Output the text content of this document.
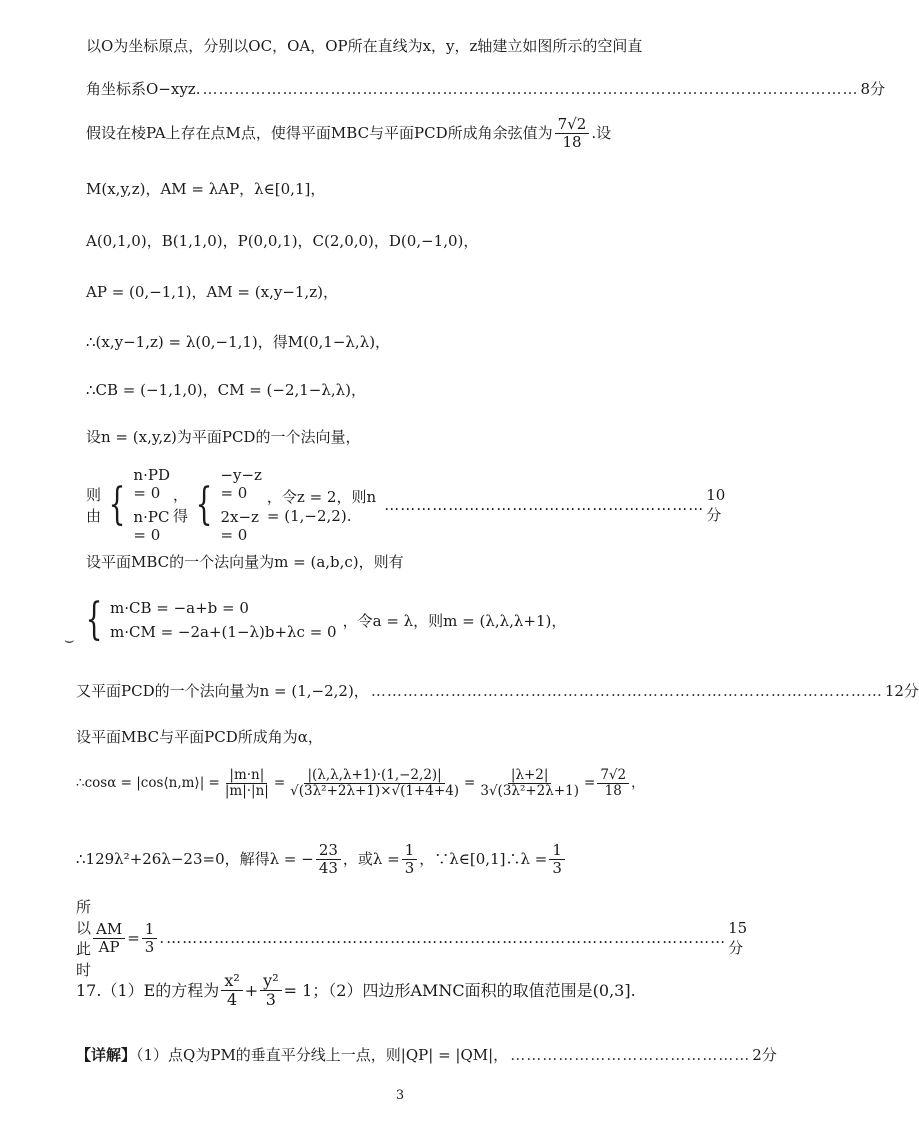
以O为坐标原点，分别以OC，OA，OP所在直线为x，y，z轴建立如图所示的空间直
角坐标系O−xyz. …………………………………………………………………………………………………………… 8分
假设在棱PA上存在点M点，使得平面MBC与平面PCD所成角余弦值为 $\frac{7√2}{18}$ .设
M(x,y,z)，AM = λAP，λ∈[0,1]，
A(0,1,0)，B(1,1,0)，P(0,0,1)，C(2,0,0)，D(0,−1,0)，
AP = (0,−1,1)，AM = (x,y−1,z)，
∴(x,y−1,z) = λ(0,−1,1)，得M(0,1−λ,λ)，
∴CB = (−1,1,0)，CM = (−2,1−λ,λ)，
设n = (x,y,z)为平面PCD的一个法向量，
则由 {
n·PD = 0
n·PC = 0
，得 {
−y−z = 0
2x−z = 0
，令z = 2，则n = (1,−2,2).
……………………………………………………
10分
设平面MBC的一个法向量为m = (a,b,c)，则有
{ m·CB = −a+b = 0
m·CM = −2a+(1−λ)b+λc = 0
，令a = λ，则m = (λ,λ,λ+1)，
⌣
又平面PCD的一个法向量为n = (1,−2,2)， …………………………………………………………………………………… 12分
设平面MBC与平面PCD所成角为α，
∴cosα = |cos⟨n,m⟩| = $\frac{|m\cdot n|}{|m|\cdot|n|} = \frac{|(\lambda,\lambda,\lambda+1)\cdot(1,-2,2)|}{\text{√(3λ²+2λ+1)×√(1+4+4)}} = \frac{|\lambda+2|}{\text{3√(3λ²+2λ+1)}} = \frac{7√2}{18}$ ，
∴129λ²+26λ−23=0，解得λ = − $\frac{23}{43}$ ，或$\lambda = \frac{1}{3}$ ，∵λ∈[0,1]∴λ = $\frac{1}{3}$
所以此时
$\frac{AM}{AP} = \frac{1}{3}$ . ……………………………………………………………………………………………
15分
17.（1）E的方程为 $\frac{\text{x²}}{4} + \frac{\text{y²}}{3} = 1$；（2）四边形AMNC面积的取值范围是(0,3].
【详解】（1）点Q为PM的垂直平分线上一点，则|QP| = |QM|， ……………………………………… 2分
3
